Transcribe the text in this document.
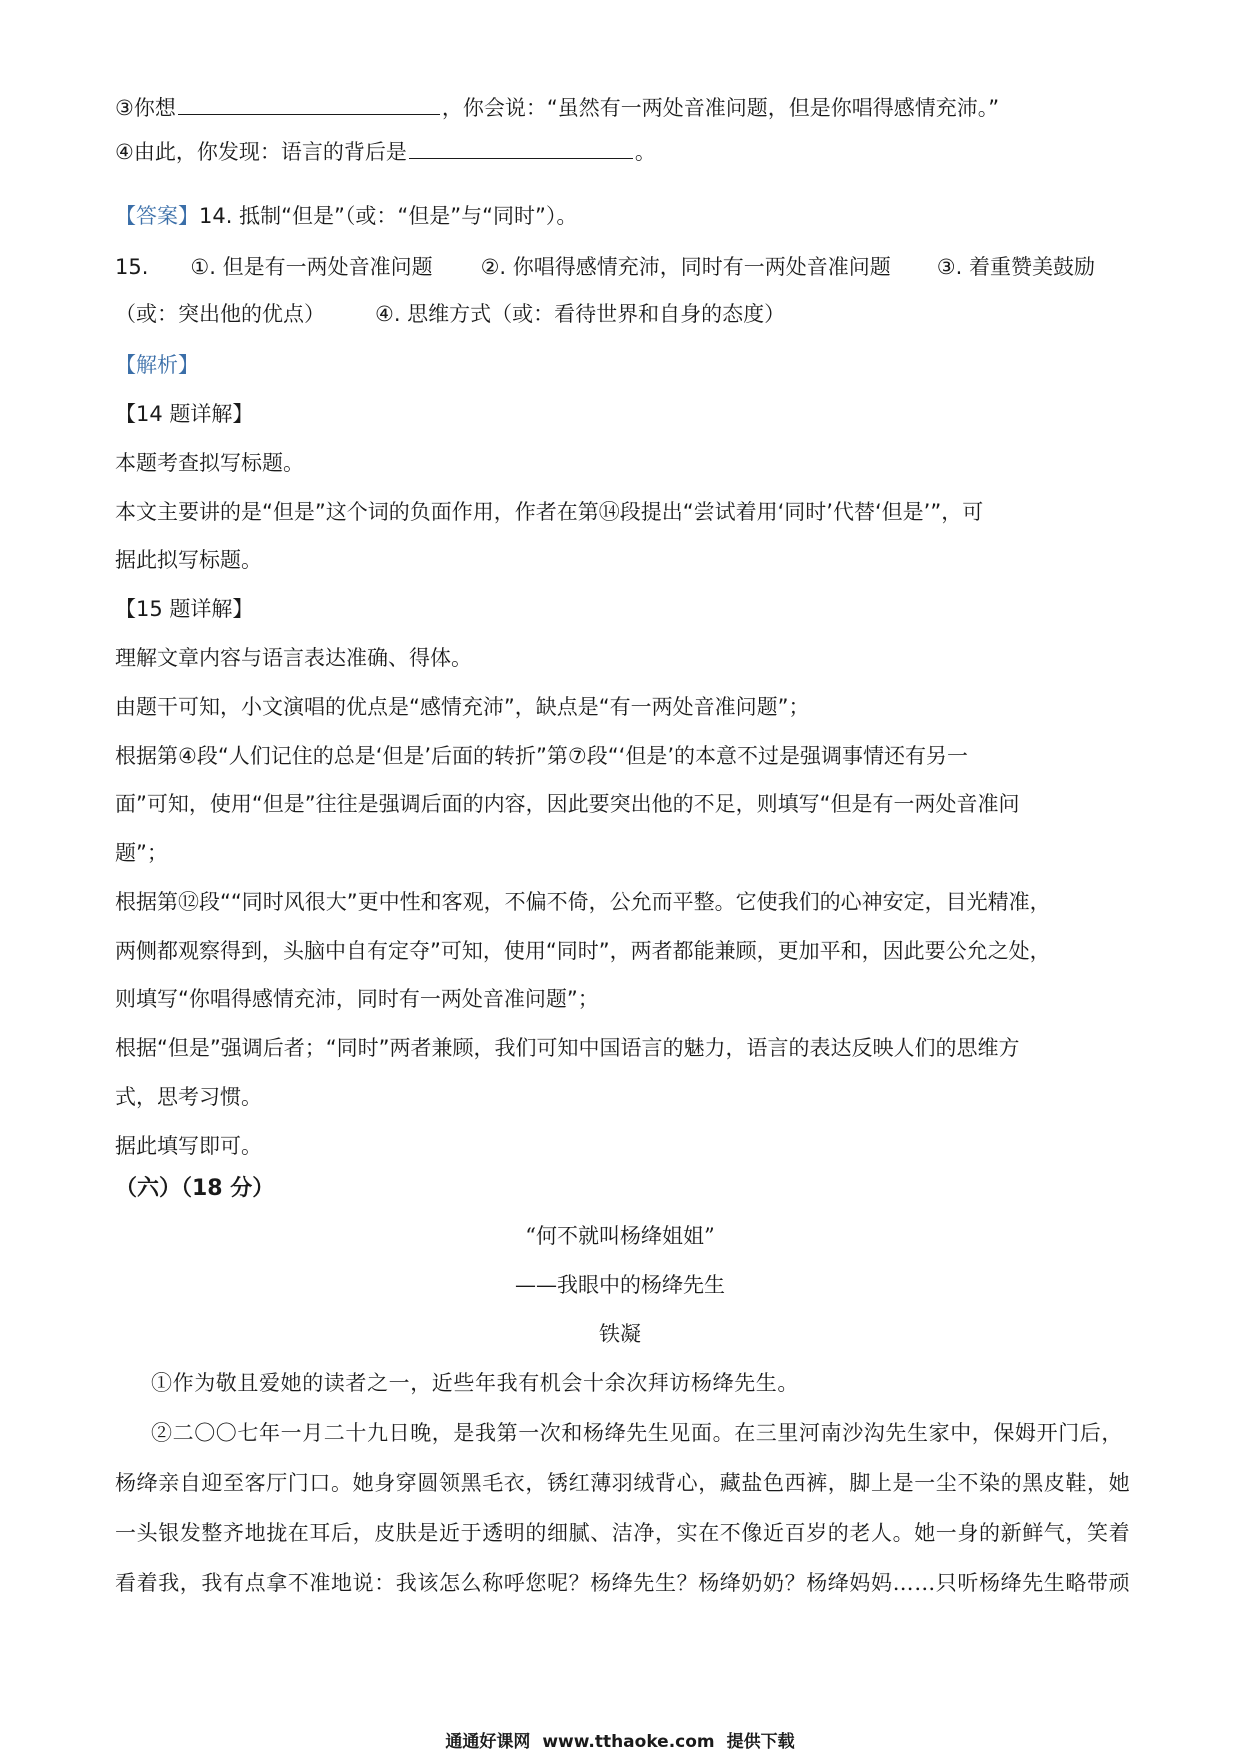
③你想	，你会说：“虽然有一两处音准问题，但是你唱得感情充沛。”
④由此，你发现：语言的背后是	。
【答案】14. 抵制“但是”（或：“但是”与“同时”）。
15. ①. 但是有一两处音准问题 ②. 你唱得感情充沛，同时有一两处音准问题 ③. 着重赞美鼓励
（或：突出他的优点） ④. 思维方式（或：看待世界和自身的态度）
【解析】
【14 题详解】
本题考查拟写标题。
本文主要讲的是“但是”这个词的负面作用，作者在第⑭段提出“尝试着用‘同时’代替‘但是’”，可
据此拟写标题。
【15 题详解】
理解文章内容与语言表达准确、得体。
由题干可知，小文演唱的优点是“感情充沛”，缺点是“有一两处音准问题”；
根据第④段“人们记住的总是‘但是’后面的转折”第⑦段“‘但是’的本意不过是强调事情还有另一
面”可知，使用“但是”往往是强调后面的内容，因此要突出他的不足，则填写“但是有一两处音准问
题”；
根据第⑫段““同时风很大”更中性和客观，不偏不倚，公允而平整。它使我们的心神安定，目光精准，
两侧都观察得到，头脑中自有定夺”可知，使用“同时”，两者都能兼顾，更加平和，因此要公允之处，
则填写“你唱得感情充沛，同时有一两处音准问题”；
根据“但是”强调后者；“同时”两者兼顾，我们可知中国语言的魅力，语言的表达反映人们的思维方
式，思考习惯。
据此填写即可。
（六）（18 分）
“何不就叫杨绛姐姐”
——我眼中的杨绛先生
铁凝
①作为敬且爱她的读者之一，近些年我有机会十余次拜访杨绛先生。
②二〇〇七年一月二十九日晚，是我第一次和杨绛先生见面。在三里河南沙沟先生家中，保姆开门后，
杨绛亲自迎至客厅门口。她身穿圆领黑毛衣，锈红薄羽绒背心，藏盐色西裤，脚上是一尘不染的黑皮鞋，她
一头银发整齐地拢在耳后，皮肤是近于透明的细腻、洁净，实在不像近百岁的老人。她一身的新鲜气，笑着
看着我，我有点拿不准地说：我该怎么称呼您呢？杨绛先生？杨绛奶奶？杨绛妈妈……只听杨绛先生略带顽
通通好课网 www.tthaoke.com 提供下载
